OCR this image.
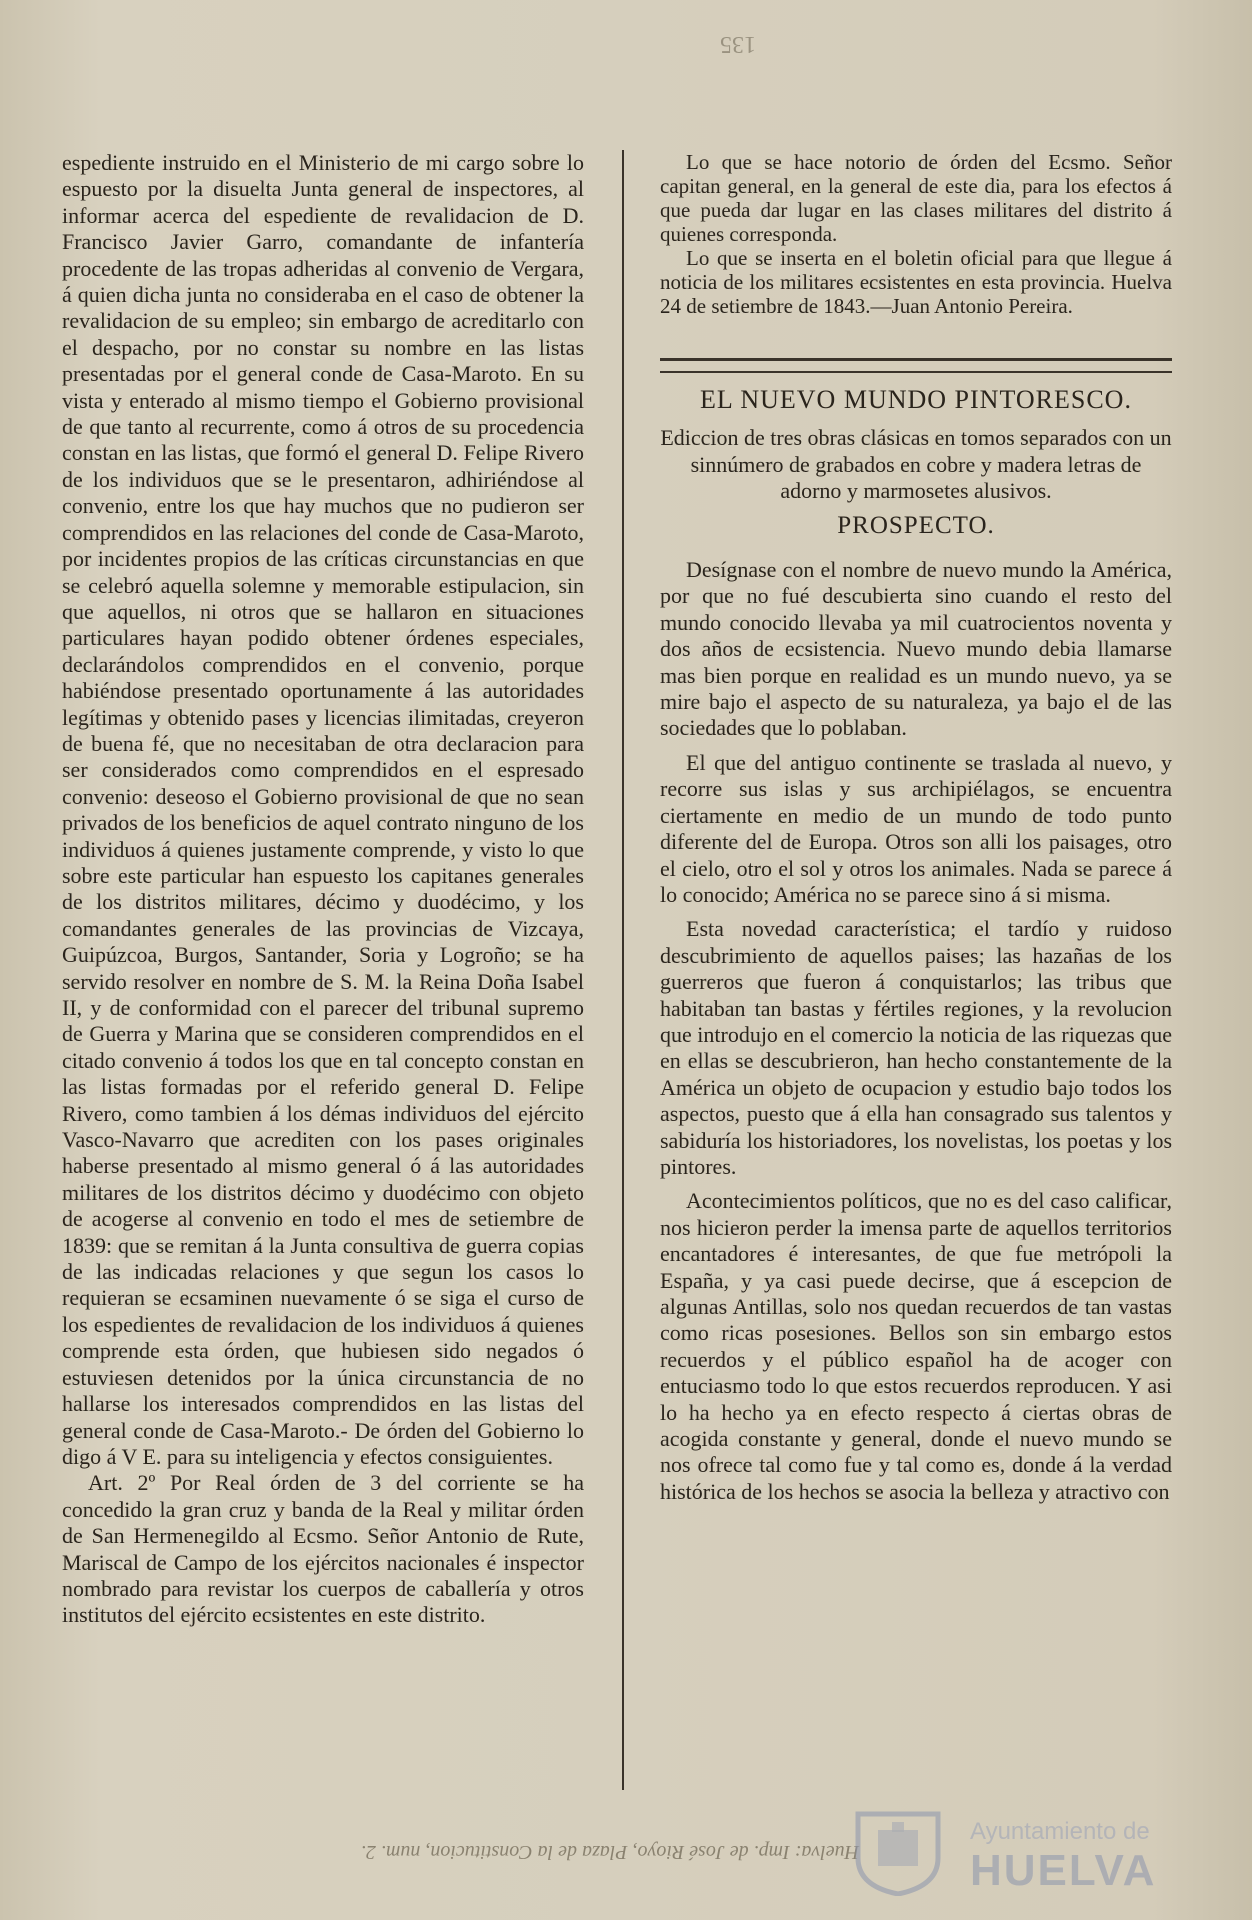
135

espediente instruido en el Ministerio de mi cargo sobre lo espuesto por la disuelta Junta general de inspectores, al informar acerca del espediente de revalidacion de D. Francisco Javier Garro, comandante de infantería procedente de las tropas adheridas al convenio de Vergara, á quien dicha junta no consideraba en el caso de obtener la revalidacion de su empleo; sin embargo de acreditarlo con el despacho, por no constar su nombre en las listas presentadas por el general conde de Casa-Maroto. En su vista y enterado al mismo tiempo el Gobierno provisional de que tanto al recurrente, como á otros de su procedencia constan en las listas, que formó el general D. Felipe Rivero de los individuos que se le presentaron, adhiriéndose al convenio, entre los que hay muchos que no pudieron ser comprendidos en las relaciones del conde de Casa-Maroto, por incidentes propios de las críticas circunstancias en que se celebró aquella solemne y memorable estipulacion, sin que aquellos, ni otros que se hallaron en situaciones particulares hayan podido obtener órdenes especiales, declarándolos comprendidos en el convenio, porque habiéndose presentado oportunamente á las autoridades legítimas y obtenido pases y licencias ilimitadas, creyeron de buena fé, que no necesitaban de otra declaracion para ser considerados como comprendidos en el espresado convenio: deseoso el Gobierno provisional de que no sean privados de los beneficios de aquel contrato ninguno de los individuos á quienes justamente comprende, y visto lo que sobre este particular han espuesto los capitanes generales de los distritos militares, décimo y duodécimo, y los comandantes generales de las provincias de Vizcaya, Guipúzcoa, Burgos, Santander, Soria y Logroño; se ha servido resolver en nombre de S. M. la Reina Doña Isabel II, y de conformidad con el parecer del tribunal supremo de Guerra y Marina que se consideren comprendidos en el citado convenio á todos los que en tal concepto constan en las listas formadas por el referido general D. Felipe Rivero, como tambien á los démas individuos del ejército Vasco-Navarro que acrediten con los pases originales haberse presentado al mismo general ó á las autoridades militares de los distritos décimo y duodécimo con objeto de acogerse al convenio en todo el mes de setiembre de 1839: que se remitan á la Junta consultiva de guerra copias de las indicadas relaciones y que segun los casos lo requieran se ecsaminen nuevamente ó se siga el curso de los espedientes de revalidacion de los individuos á quienes comprende esta órden, que hubiesen sido negados ó estuviesen detenidos por la única circunstancia de no hallarse los interesados comprendidos en las listas del general conde de Casa-Maroto.- De órden del Gobierno lo digo á V E. para su inteligencia y efectos consiguientes.

Art. 2º Por Real órden de 3 del corriente se ha concedido la gran cruz y banda de la Real y militar órden de San Hermenegildo al Ecsmo. Señor Antonio de Rute, Mariscal de Campo de los ejércitos nacionales é inspector nombrado para revistar los cuerpos de caballería y otros institutos del ejército ecsistentes en este distrito.

Lo que se hace notorio de órden del Ecsmo. Señor capitan general, en la general de este dia, para los efectos á que pueda dar lugar en las clases militares del distrito á quienes corresponda.

Lo que se inserta en el boletin oficial para que llegue á noticia de los militares ecsistentes en esta provincia. Huelva 24 de setiembre de 1843.—Juan Antonio Pereira.

EL NUEVO MUNDO PINTORESCO.

Ediccion de tres obras clásicas en tomos separados con un sinnúmero de grabados en cobre y madera letras de adorno y marmosetes alusivos.

PROSPECTO.

Desígnase con el nombre de nuevo mundo la América, por que no fué descubierta sino cuando el resto del mundo conocido llevaba ya mil cuatrocientos noventa y dos años de ecsistencia. Nuevo mundo debia llamarse mas bien porque en realidad es un mundo nuevo, ya se mire bajo el aspecto de su naturaleza, ya bajo el de las sociedades que lo poblaban.

El que del antiguo continente se traslada al nuevo, y recorre sus islas y sus archipiélagos, se encuentra ciertamente en medio de un mundo de todo punto diferente del de Europa. Otros son alli los paisages, otro el cielo, otro el sol y otros los animales. Nada se parece á lo conocido; América no se parece sino á si misma.

Esta novedad característica; el tardío y ruidoso descubrimiento de aquellos paises; las hazañas de los guerreros que fueron á conquistarlos; las tribus que habitaban tan bastas y fértiles regiones, y la revolucion que introdujo en el comercio la noticia de las riquezas que en ellas se descubrieron, han hecho constantemente de la América un objeto de ocupacion y estudio bajo todos los aspectos, puesto que á ella han consagrado sus talentos y sabiduría los historiadores, los novelistas, los poetas y los pintores.

Acontecimientos políticos, que no es del caso calificar, nos hicieron perder la imensa parte de aquellos territorios encantadores é interesantes, de que fue metrópoli la España, y ya casi puede decirse, que á escepcion de algunas Antillas, solo nos quedan recuerdos de tan vastas como ricas posesiones. Bellos son sin embargo estos recuerdos y el público español ha de acoger con entuciasmo todo lo que estos recuerdos reproducen. Y asi lo ha hecho ya en efecto respecto á ciertas obras de acogida constante y general, donde el nuevo mundo se nos ofrece tal como fue y tal como es, donde á la verdad histórica de los hechos se asocia la belleza y atractivo con

Huelva: Imp. de José Rioyo, Plaza de la Constitucion, num. 2.
Ayuntamiento de
HUELVA
